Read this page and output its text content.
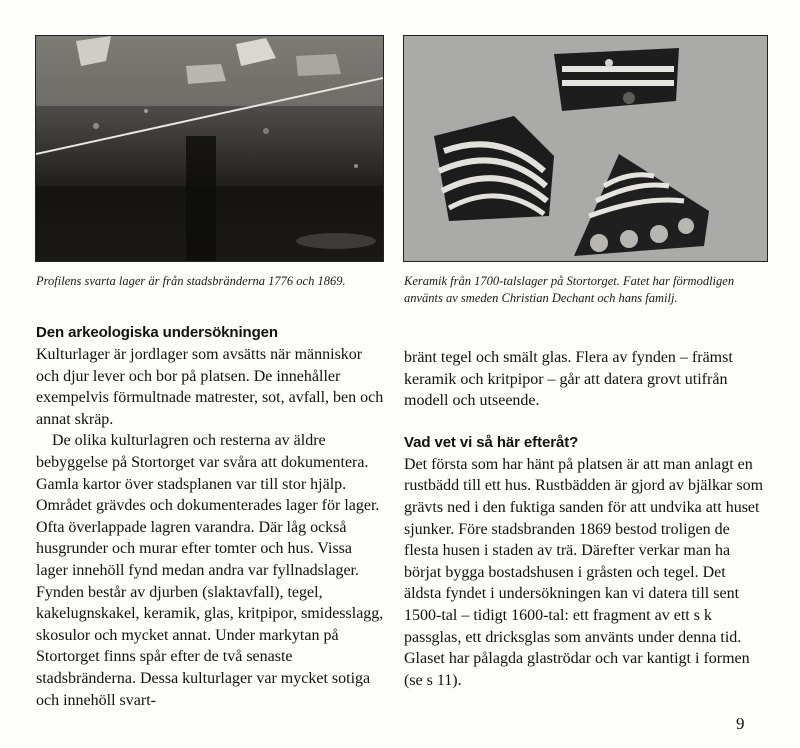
Profilens svarta lager är från stadsbränderna 1776 och 1869.	Keramik från 1700-talslager på Stortorget. Fatet har förmodligen använts av smeden Christian Dechant och hans familj.
Den arkeologiska undersökningen

Kulturlager är jordlager som avsätts när människor och djur lever och bor på platsen. De innehåller exempelvis förmultnade matrester, sot, avfall, ben och annat skräp.

De olika kulturlagren och resterna av äldre bebyggelse på Stortorget var svåra att dokumentera. Gamla kartor över stadsplanen var till stor hjälp. Området grävdes och dokumenterades lager för lager. Ofta överlappade lagren varandra. Där låg också husgrunder och murar efter tomter och hus. Vissa lager innehöll fynd medan andra var fyllnadslager. Fynden består av djurben (slaktavfall), tegel, kakelugnskakel, keramik, glas, kritpipor, smidesslagg, skosulor och mycket annat. Under markytan på Stortorget finns spår efter de två senaste stadsbränderna. Dessa kulturlager var mycket sotiga och innehöll svart-

bränt tegel och smält glas. Flera av fynden – främst keramik och kritpipor – går att datera grovt utifrån modell och utseende.

Vad vet vi så här efteråt?

Det första som har hänt på platsen är att man anlagt en rustbädd till ett hus. Rustbädden är gjord av bjälkar som grävts ned i den fuktiga sanden för att undvika att huset sjunker. Före stadsbranden 1869 bestod troligen de flesta husen i staden av trä. Därefter verkar man ha börjat bygga bostadshusen i gråsten och tegel. Det äldsta fyndet i undersökningen kan vi datera till sent 1500-tal – tidigt 1600-tal: ett fragment av ett s k passglas, ett dricksglas som använts under denna tid. Glaset har pålagda glaströdar och var kantigt i formen (se s 11).

9
